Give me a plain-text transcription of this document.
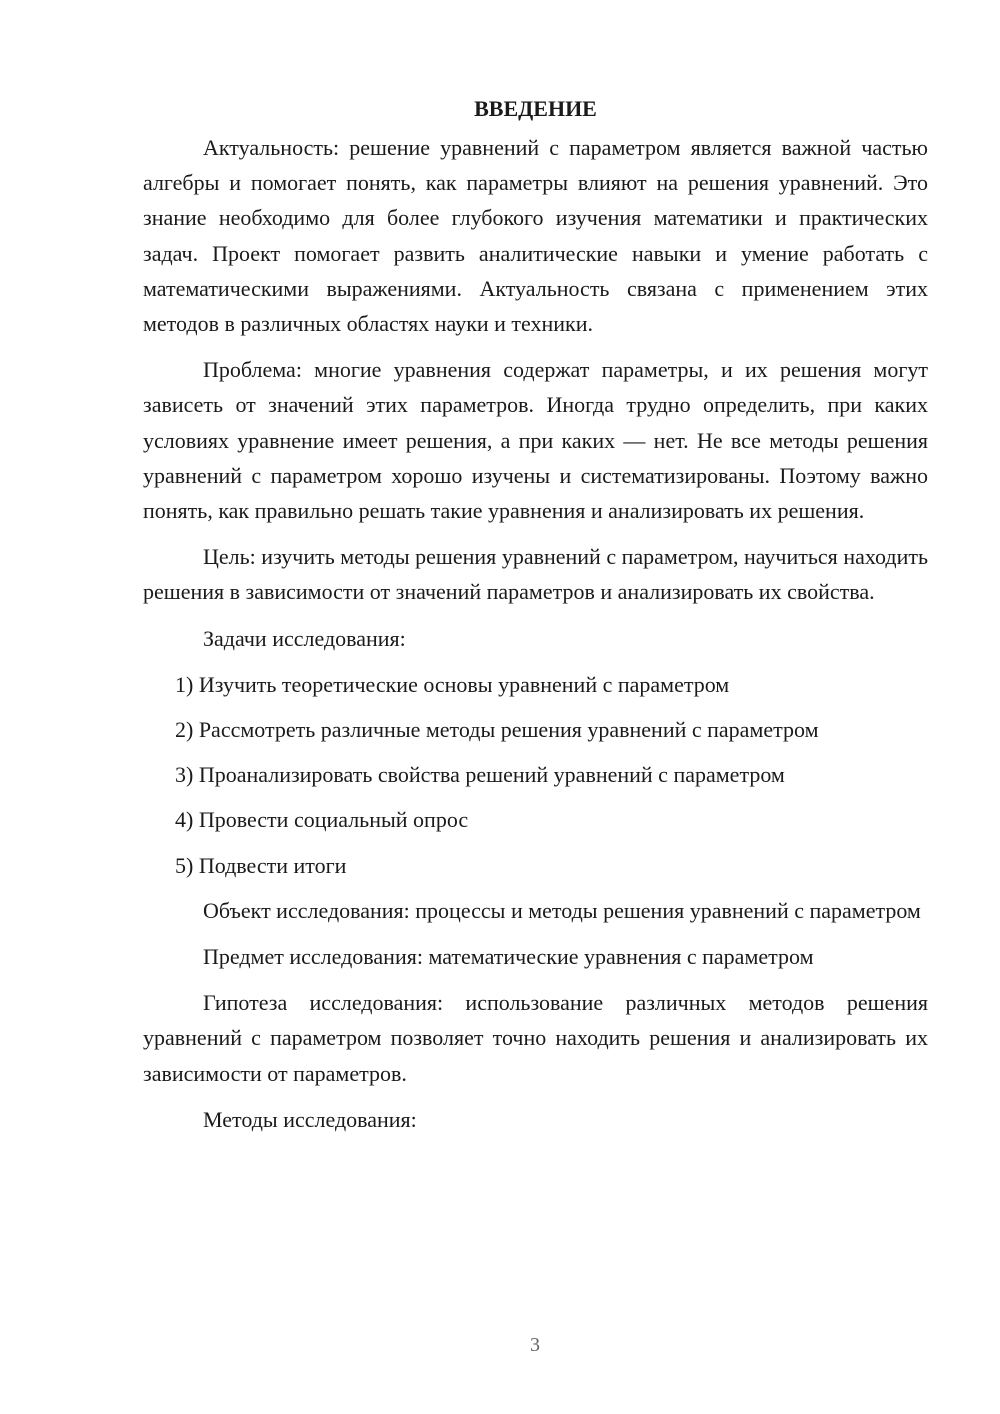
ВВЕДЕНИЕ

Актуальность: решение уравнений с параметром является важной частью алгебры и помогает понять, как параметры влияют на решения уравнений. Это знание необходимо для более глубокого изучения математики и практических задач. Проект помогает развить аналитические навыки и умение работать с математическими выражениями. Актуальность связана с применением этих методов в различных областях науки и техники.

Проблема: многие уравнения содержат параметры, и их решения могут зависеть от значений этих параметров. Иногда трудно определить, при каких условиях уравнение имеет решения, а при каких — нет. Не все методы решения уравнений с параметром хорошо изучены и систематизированы. Поэтому важно понять, как правильно решать такие уравнения и анализировать их решения.

Цель: изучить методы решения уравнений с параметром, научиться находить решения в зависимости от значений параметров и анализировать их свойства.

Задачи исследования:

1) Изучить теоретические основы уравнений с параметром
2) Рассмотреть различные методы решения уравнений с параметром
3) Проанализировать свойства решений уравнений с параметром
4) Провести социальный опрос
5) Подвести итоги

Объект исследования: процессы и методы решения уравнений с параметром

Предмет исследования: математические уравнения с параметром

Гипотеза исследования: использование различных методов решения уравнений с параметром позволяет точно находить решения и анализировать их зависимости от параметров.

Методы исследования:

3
